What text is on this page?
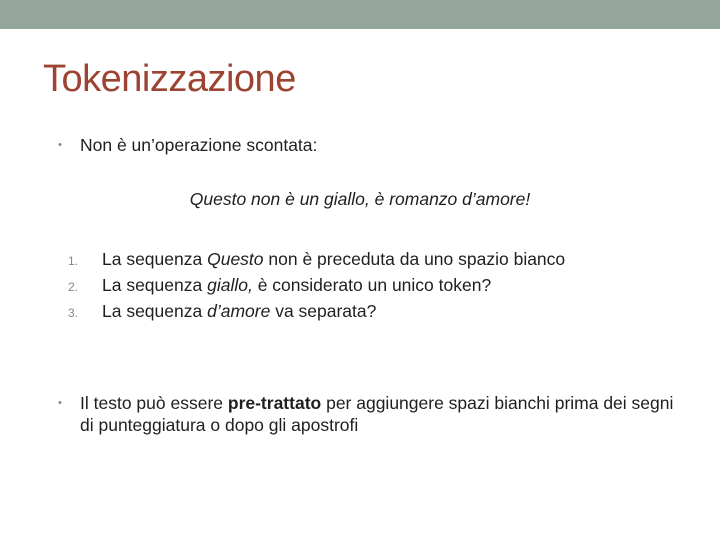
Tokenizzazione
• Non è un’operazione scontata:
Questo non è un giallo, è romanzo d’amore!
1. La sequenza Questo non è preceduta da uno spazio bianco
2. La sequenza giallo, è considerato un unico token?
3. La sequenza d’amore va separata?
• Il testo può essere pre-trattato per aggiungere spazi bianchi prima dei segni di punteggiatura o dopo gli apostrofi
